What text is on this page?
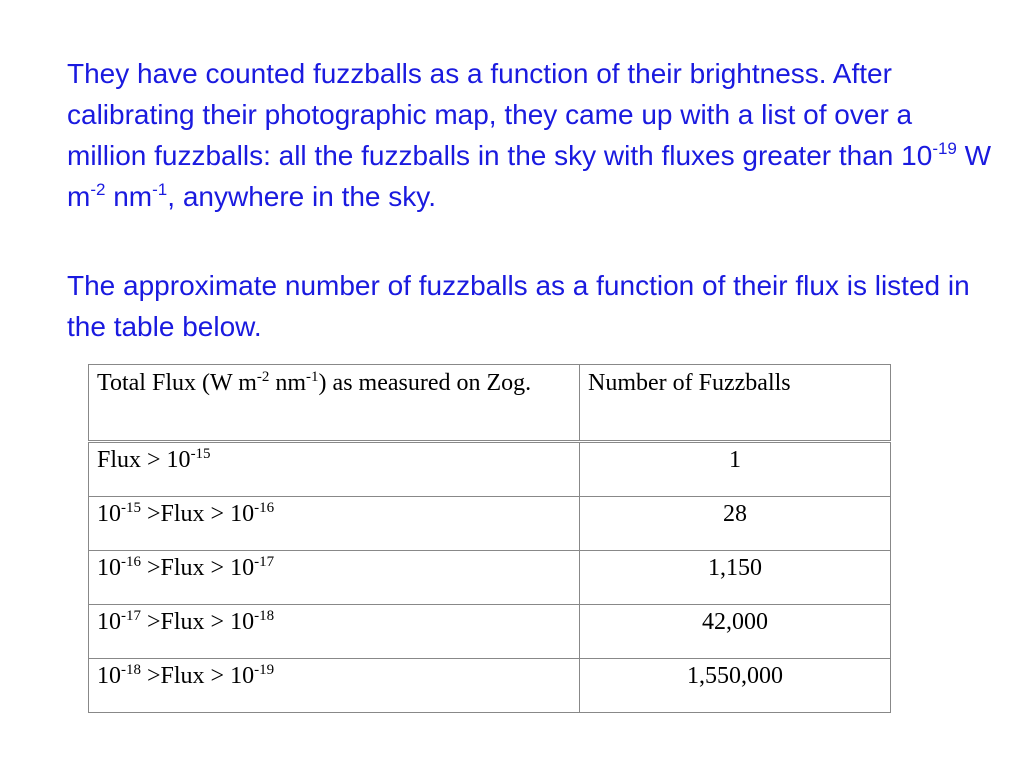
They have counted fuzzballs as a function of their brightness. After calibrating their photographic map, they came up with a list of over a million fuzzballs: all the fuzzballs in the sky with fluxes greater than $10^{-19}$ W $m^{-2}$ $nm^{-1}$, anywhere in the sky.

The approximate number of fuzzballs as a function of their flux is listed in the table below.

Total Flux (W $m^{-2}$ $nm^{-1}$) as measured on Zog.	Number of Fuzzballs
Flux > $10^{-15}$	1
$10^{-15}$ >Flux > $10^{-16}$	28
$10^{-16}$ >Flux > $10^{-17}$	1,150
$10^{-17}$ >Flux > $10^{-18}$	42,000
$10^{-18}$ >Flux > $10^{-19}$	1,550,000
